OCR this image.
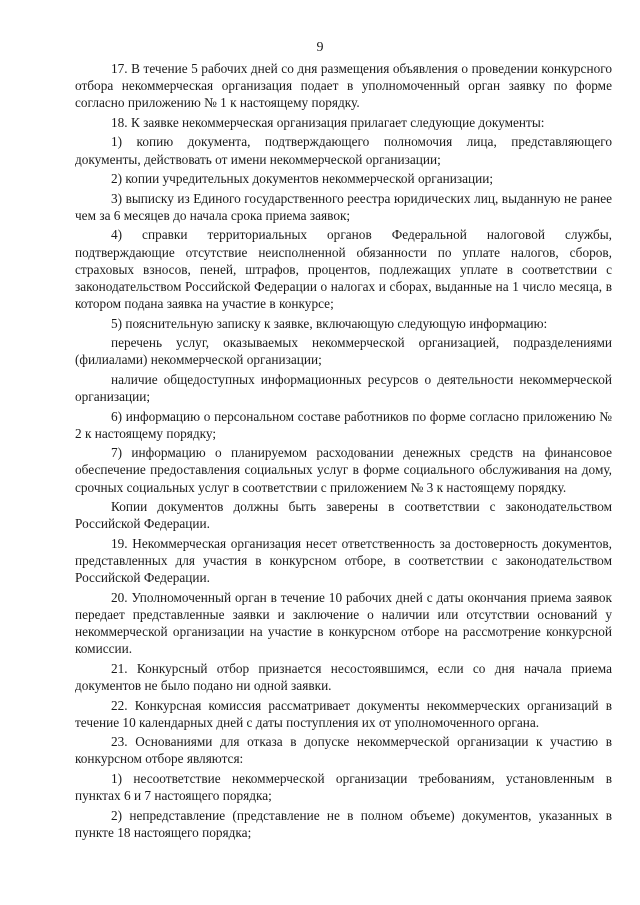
9

17. В течение 5 рабочих дней со дня размещения объявления о проведении конкурсного отбора некоммерческая организация подает в уполномоченный орган заявку по форме согласно приложению № 1 к настоящему порядку.

18. К заявке некоммерческая организация прилагает следующие документы:

1) копию документа, подтверждающего полномочия лица, представляющего документы, действовать от имени некоммерческой организации;

2) копии учредительных документов некоммерческой организации;

3) выписку из Единого государственного реестра юридических лиц, выданную не ранее чем за 6 месяцев до начала срока приема заявок;

4) справки территориальных органов Федеральной налоговой службы, подтверждающие отсутствие неисполненной обязанности по уплате налогов, сборов, страховых взносов, пеней, штрафов, процентов, подлежащих уплате в соответствии с законодательством Российской Федерации о налогах и сборах, выданные на 1 число месяца, в котором подана заявка на участие в конкурсе;

5) пояснительную записку к заявке, включающую следующую информацию:

перечень услуг, оказываемых некоммерческой организацией, подразделениями (филиалами) некоммерческой организации;

наличие общедоступных информационных ресурсов о деятельности некоммерческой организации;

6) информацию о персональном составе работников по форме согласно приложению № 2 к настоящему порядку;

7) информацию о планируемом расходовании денежных средств на финансовое обеспечение предоставления социальных услуг в форме социального обслуживания на дому, срочных социальных услуг в соответствии с приложением № 3 к настоящему порядку.

Копии документов должны быть заверены в соответствии с законодательством Российской Федерации.

19. Некоммерческая организация несет ответственность за достоверность документов, представленных для участия в конкурсном отборе, в соответствии с законодательством Российской Федерации.

20. Уполномоченный орган в течение 10 рабочих дней с даты окончания приема заявок передает представленные заявки и заключение о наличии или отсутствии оснований у некоммерческой организации на участие в конкурсном отборе на рассмотрение конкурсной комиссии.

21. Конкурсный отбор признается несостоявшимся, если со дня начала приема документов не было подано ни одной заявки.

22. Конкурсная комиссия рассматривает документы некоммерческих организаций в течение 10 календарных дней с даты поступления их от уполномоченного органа.

23. Основаниями для отказа в допуске некоммерческой организации к участию в конкурсном отборе являются:

1) несоответствие некоммерческой организации требованиям, установленным в пунктах 6 и 7 настоящего порядка;

2) непредставление (представление не в полном объеме) документов, указанных в пункте 18 настоящего порядка;
